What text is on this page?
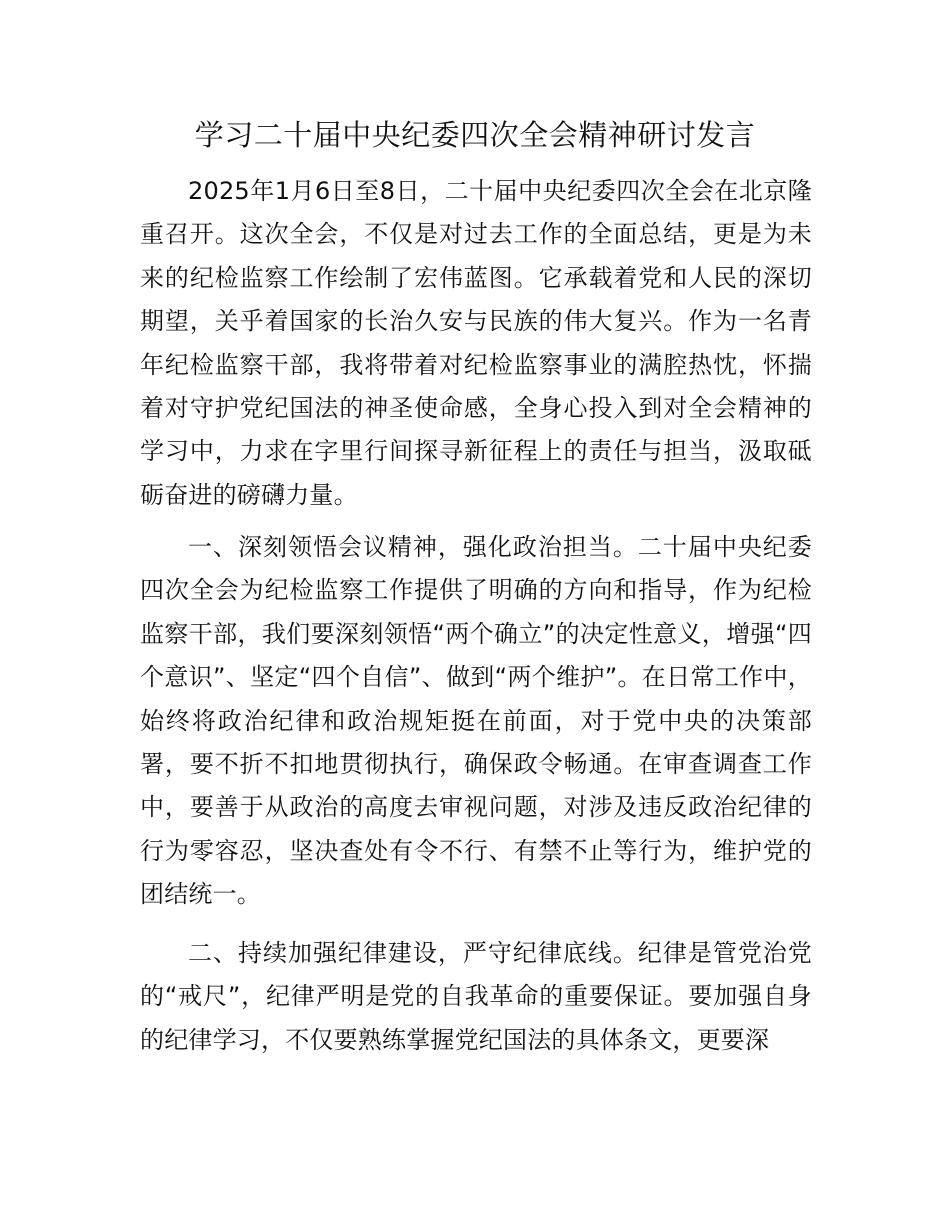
学习二十届中央纪委四次全会精神研讨发言

2025年1月6日至8日，二十届中央纪委四次全会在北京隆重召开。这次全会，不仅是对过去工作的全面总结，更是为未来的纪检监察工作绘制了宏伟蓝图。它承载着党和人民的深切期望，关乎着国家的长治久安与民族的伟大复兴。作为一名青年纪检监察干部，我将带着对纪检监察事业的满腔热忱，怀揣着对守护党纪国法的神圣使命感，全身心投入到对全会精神的学习中，力求在字里行间探寻新征程上的责任与担当，汲取砥砺奋进的磅礴力量。

一、深刻领悟会议精神，强化政治担当。二十届中央纪委四次全会为纪检监察工作提供了明确的方向和指导，作为纪检监察干部，我们要深刻领悟“两个确立”的决定性意义，增强“四个意识”、坚定“四个自信”、做到“两个维护”。在日常工作中，始终将政治纪律和政治规矩挺在前面，对于党中央的决策部署，要不折不扣地贯彻执行，确保政令畅通。在审查调查工作中，要善于从政治的高度去审视问题，对涉及违反政治纪律的行为零容忍，坚决查处有令不行、有禁不止等行为，维护党的团结统一。

二、持续加强纪律建设，严守纪律底线。纪律是管党治党的“戒尺”，纪律严明是党的自我革命的重要保证。要加强自身的纪律学习，不仅要熟练掌握党纪国法的具体条文，更要深
